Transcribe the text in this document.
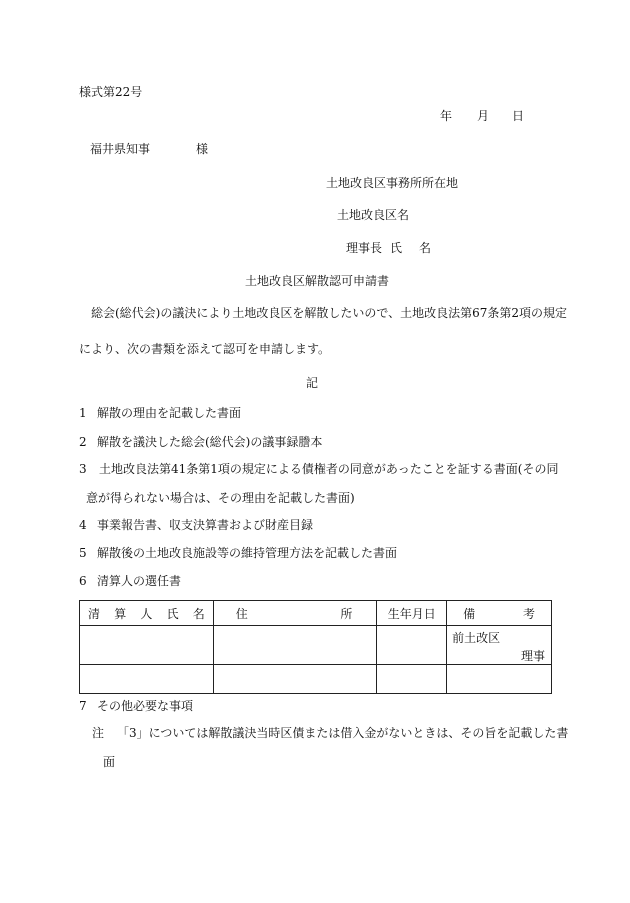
様式第22号
年 月 日
福井県知事	様
土地改良区事務所所在地
土地改良区名
理事長 氏 名
土地改良区解散認可申請書
総会(総代会)の議決により土地改良区を解散したいので、土地改良法第67条第2項の規定
により、次の書類を添えて認可を申請します。
記
1 解散の理由を記載した書面
2 解散を議決した総会(総代会)の議事録謄本
3 土地改良法第41条第1項の規定による債権者の同意があったことを証する書面(その同
意が得られない場合は、その理由を記載した書面)
4 事業報告書、収支決算書および財産目録
5 解散後の土地改良施設等の維持管理方法を記載した書面
6 清算人の選任書
清 算 人 氏 名	住 所	生年月日	備 考

			前土改区
理事

7 その他必要な事項
注 「3」については解散議決当時区債または借入金がないときは、その旨を記載した書
面
